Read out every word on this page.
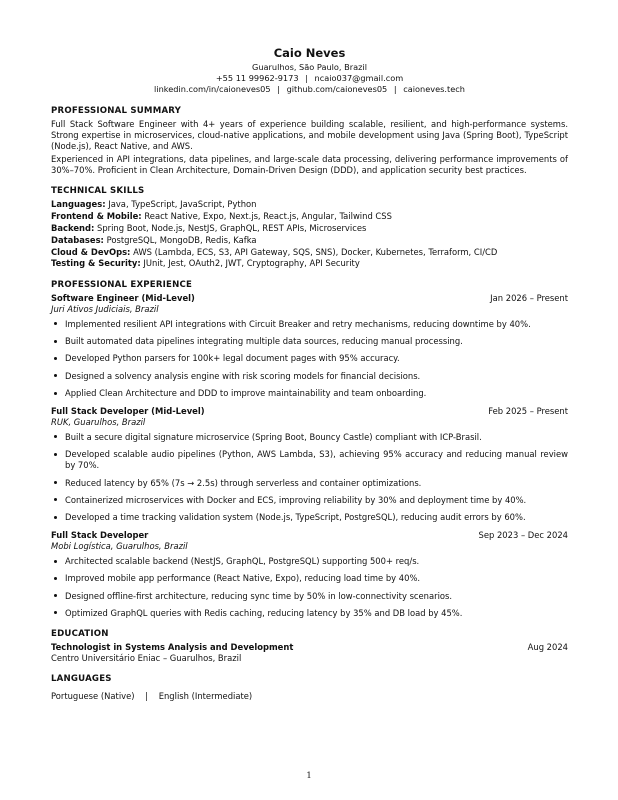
Caio Neves
Guarulhos, São Paulo, Brazil
+55 11 99962-9173 | ncaio037@gmail.com
linkedin.com/in/caioneves05 | github.com/caioneves05 | caioneves.tech
PROFESSIONAL SUMMARY

Full Stack Software Engineer with 4+ years of experience building scalable, resilient, and high-performance systems. Strong expertise in microservices, cloud-native applications, and mobile development using Java (Spring Boot), TypeScript (Node.js), React Native, and AWS.

Experienced in API integrations, data pipelines, and large-scale data processing, delivering performance improvements of 30%–70%. Proficient in Clean Architecture, Domain-Driven Design (DDD), and application security best practices.

TECHNICAL SKILLS
Languages: Java, TypeScript, JavaScript, Python
Frontend & Mobile: React Native, Expo, Next.js, React.js, Angular, Tailwind CSS
Backend: Spring Boot, Node.js, NestJS, GraphQL, REST APIs, Microservices
Databases: PostgreSQL, MongoDB, Redis, Kafka
Cloud & DevOps: AWS (Lambda, ECS, S3, API Gateway, SQS, SNS), Docker, Kubernetes, Terraform, CI/CD
Testing & Security: JUnit, Jest, OAuth2, JWT, Cryptography, API Security
PROFESSIONAL EXPERIENCE
Software Engineer (Mid-Level)	Jan 2026 – Present
Juri Ativos Judiciais, Brazil
Implemented resilient API integrations with Circuit Breaker and retry mechanisms, reducing downtime by 40%.
Built automated data pipelines integrating multiple data sources, reducing manual processing.
Developed Python parsers for 100k+ legal document pages with 95% accuracy.
Designed a solvency analysis engine with risk scoring models for financial decisions.
Applied Clean Architecture and DDD to improve maintainability and team onboarding.
Full Stack Developer (Mid-Level)	Feb 2025 – Present
RUK, Guarulhos, Brazil
Built a secure digital signature microservice (Spring Boot, Bouncy Castle) compliant with ICP-Brasil.
Developed scalable audio pipelines (Python, AWS Lambda, S3), achieving 95% accuracy and reducing manual review by 70%.
Reduced latency by 65% (7s → 2.5s) through serverless and container optimizations.
Containerized microservices with Docker and ECS, improving reliability by 30% and deployment time by 40%.
Developed a time tracking validation system (Node.js, TypeScript, PostgreSQL), reducing audit errors by 60%.
Full Stack Developer	Sep 2023 – Dec 2024
Mobi Logística, Guarulhos, Brazil
Architected scalable backend (NestJS, GraphQL, PostgreSQL) supporting 500+ req/s.
Improved mobile app performance (React Native, Expo), reducing load time by 40%.
Designed offline-first architecture, reducing sync time by 50% in low-connectivity scenarios.
Optimized GraphQL queries with Redis caching, reducing latency by 35% and DB load by 45%.
EDUCATION
Technologist in Systems Analysis and Development	Aug 2024
Centro Universitário Eniac – Guarulhos, Brazil
LANGUAGES
Portuguese (Native) | English (Intermediate)
1
